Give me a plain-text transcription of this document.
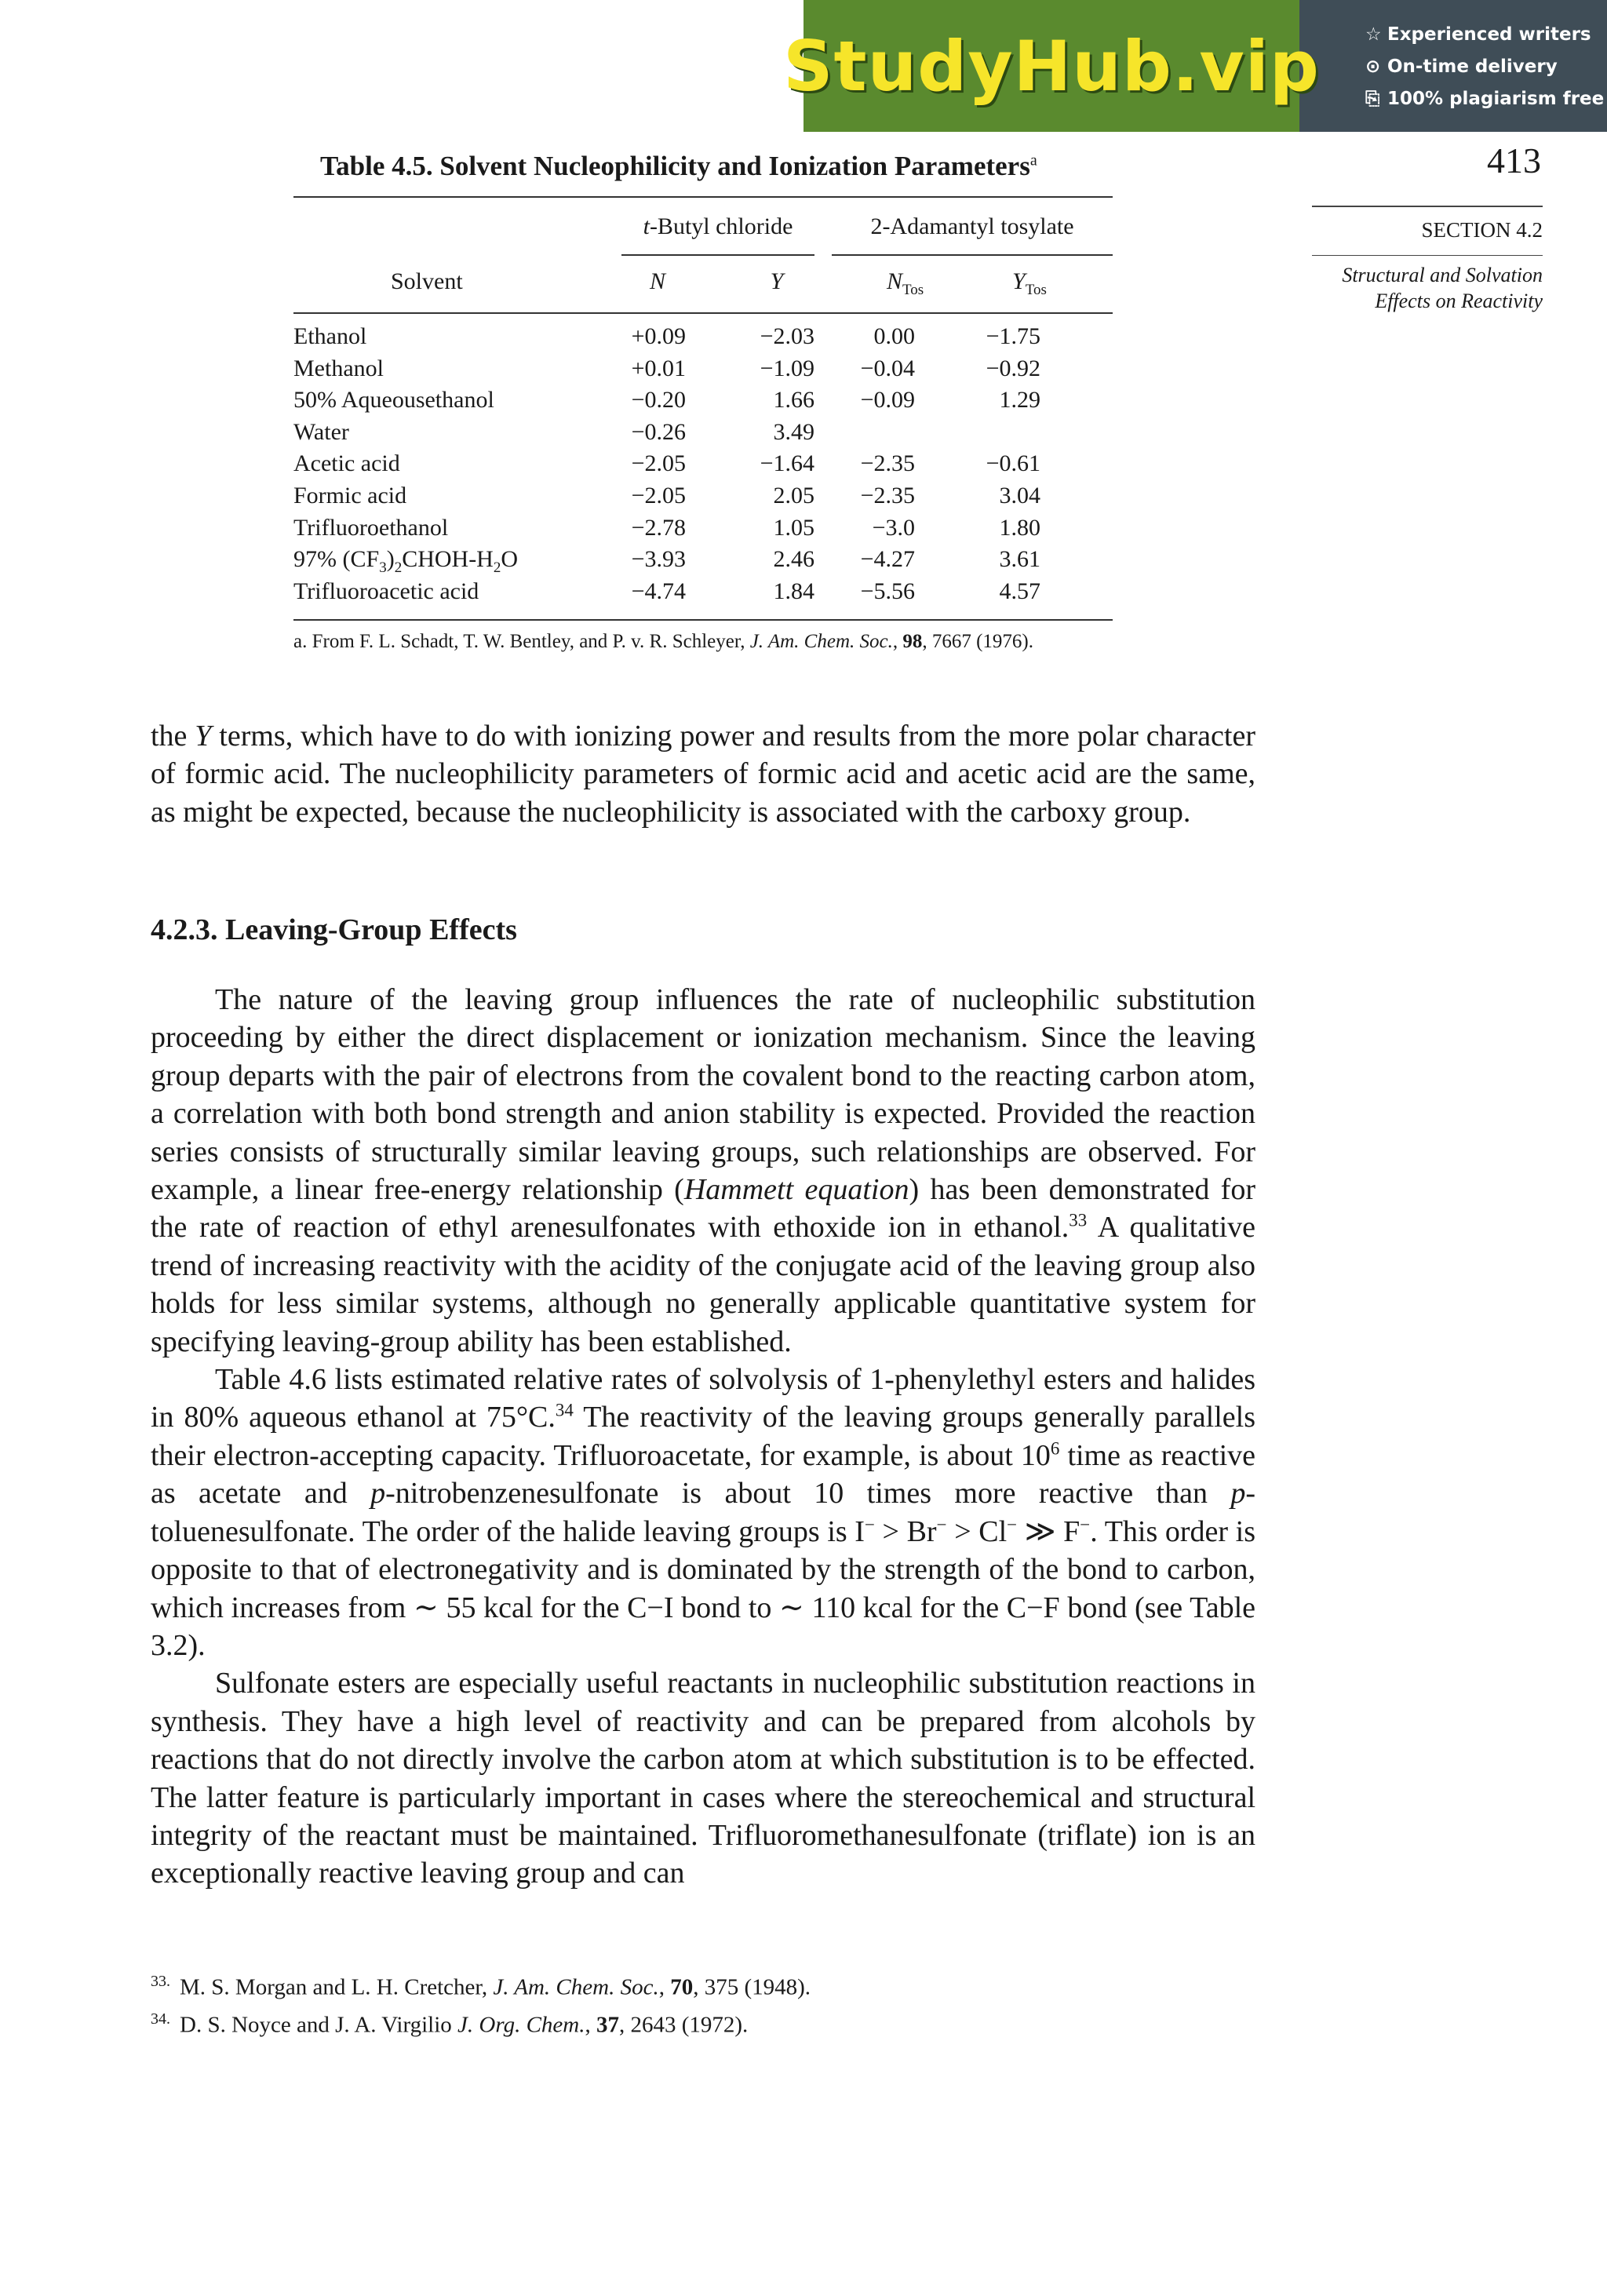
StudyHub.vip	☆ Experienced writers
⊙ On-time delivery
⎘ 100% plagiarism free
413
SECTION 4.2
Structural and Solvation
Effects on Reactivity
Table 4.5. Solvent Nucleophilicity and Ionization Parameters$^a$
t-Butyl chloride	2-Adamantyl tosylate
Solvent	N	Y	$N_{Tos}$	$Y_{Tos}$
Ethanol	+0.09	−2.03	0.00	−1.75
Methanol	+0.01	−1.09	−0.04	−0.92
50% Aqueousethanol	−0.20	1.66	−0.09	1.29
Water	−0.26	3.49
Acetic acid	−2.05	−1.64	−2.35	−0.61
Formic acid	−2.05	2.05	−2.35	3.04
Trifluoroethanol	−2.78	1.05	−3.0	1.80
97% $(CF_3)_2CHOH-H_2O$	−3.93	2.46	−4.27	3.61
Trifluoroacetic acid	−4.74	1.84	−5.56	4.57
a. From F. L. Schadt, T. W. Bentley, and P. v. R. Schleyer, J. Am. Chem. Soc., 98, 7667 (1976).

the Y terms, which have to do with ionizing power and results from the more polar character of formic acid. The nucleophilicity parameters of formic acid and acetic acid are the same, as might be expected, because the nucleophilicity is associated with the carboxy group.

4.2.3. Leaving-Group Effects

The nature of the leaving group influences the rate of nucleophilic substitution proceeding by either the direct displacement or ionization mechanism. Since the leaving group departs with the pair of electrons from the covalent bond to the reacting carbon atom, a correlation with both bond strength and anion stability is expected. Provided the reaction series consists of structurally similar leaving groups, such relationships are observed. For example, a linear free-energy relationship (Hammett equation) has been demonstrated for the rate of reaction of ethyl arenesulfonates with ethoxide ion in ethanol.$^{33}$ A qualitative trend of increasing reactivity with the acidity of the conjugate acid of the leaving group also holds for less similar systems, although no generally applicable quantitative system for specifying leaving-group ability has been established.

Table 4.6 lists estimated relative rates of solvolysis of 1-phenylethyl esters and halides in 80% aqueous ethanol at 75°C.$^{34}$ The reactivity of the leaving groups generally parallels their electron-accepting capacity. Trifluoroacetate, for example, is about $10^6$ time as reactive as acetate and p-nitrobenzenesulfonate is about 10 times more reactive than p-toluenesulfonate. The order of the halide leaving groups is I− > Br− > Cl− ≫ F−. This order is opposite to that of electronegativity and is dominated by the strength of the bond to carbon, which increases from ∼ 55 kcal for the C−I bond to ∼ 110 kcal for the C−F bond (see Table 3.2).

Sulfonate esters are especially useful reactants in nucleophilic substitution reactions in synthesis. They have a high level of reactivity and can be prepared from alcohols by reactions that do not directly involve the carbon atom at which substitution is to be effected. The latter feature is particularly important in cases where the stereochemical and structural integrity of the reactant must be maintained. Trifluoromethanesulfonate (triflate) ion is an exceptionally reactive leaving group and can

$^{33.}$ M. S. Morgan and L. H. Cretcher, J. Am. Chem. Soc., 70, 375 (1948).
$^{34.}$ D. S. Noyce and J. A. Virgilio J. Org. Chem., 37, 2643 (1972).
